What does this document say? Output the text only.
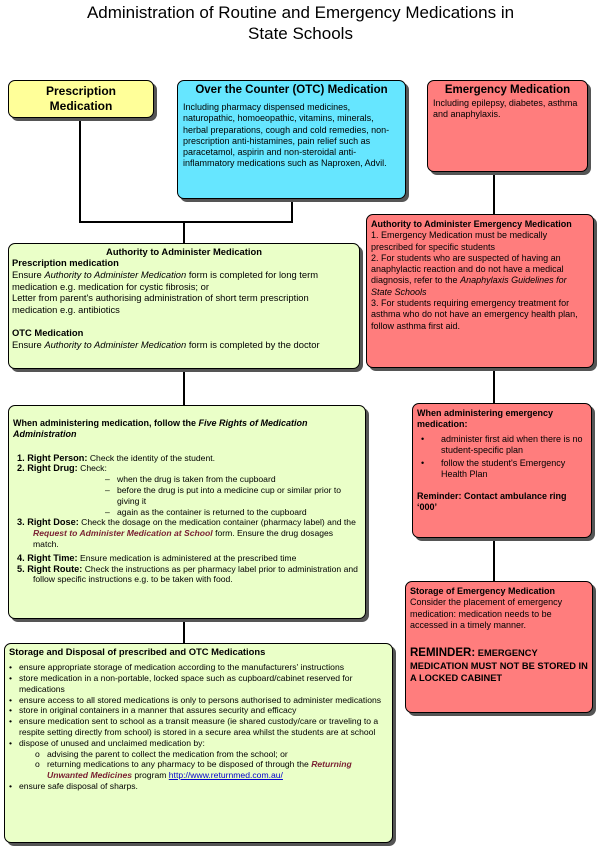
Administration of Routine and Emergency Medications in
State Schools
Prescription Medication
Over the Counter (OTC) Medication
Including pharmacy dispensed medicines, naturopathic, homoeopathic, vitamins, minerals, herbal preparations, cough and cold remedies, non-prescription anti-histamines, pain relief such as paracetamol, aspirin and non-steroidal anti-inflammatory medications such as Naproxen, Advil.
Emergency Medication
Including epilepsy, diabetes, asthma and anaphylaxis.
Authority to Administer Medication
Prescription medication
Ensure Authority to Administer Medication form is completed for long term medication e.g. medication for cystic fibrosis; or
Letter from parent's authorising administration of short term prescription medication e.g. antibiotics
OTC Medication
Ensure Authority to Administer Medication form is completed by the doctor
Authority to Administer Emergency Medication
1. Emergency Medication must be medically prescribed for specific students
2. For students who are suspected of having an anaphylactic reaction and do not have a medical diagnosis, refer to the Anaphylaxis Guidelines for State Schools
3. For students requiring emergency treatment for asthma who do not have an emergency health plan, follow asthma first aid.
When administering medication, follow the Five Rights of Medication Administration
1. Right Person: Check the identity of the student.
2. Right Drug: Check:
– when the drug is taken from the cupboard
– before the drug is put into a medicine cup or similar prior to giving it
– again as the container is returned to the cupboard
3. Right Dose: Check the dosage on the medication container (pharmacy label) and the Request to Administer Medication at School form. Ensure the drug dosages match.
4. Right Time: Ensure medication is administered at the prescribed time
5. Right Route: Check the instructions as per pharmacy label prior to administration and follow specific instructions e.g. to be taken with food.
When administering emergency medication:
•	administer first aid when there is no student-specific plan
•	follow the student's Emergency Health Plan
Reminder: Contact ambulance ring ‘000’
Storage and Disposal of prescribed and OTC Medications
• ensure appropriate storage of medication according to the manufacturers' instructions
• store medication in a non-portable, locked space such as cupboard/cabinet reserved for medications
• ensure access to all stored medications is only to persons authorised to administer medications
• store in original containers in a manner that assures security and efficacy
• ensure medication sent to school as a transit measure (ie shared custody/care or traveling to a respite setting directly from school) is stored in a secure area whilst the students are at school
• dispose of unused and unclaimed medication by:
o advising the parent to collect the medication from the school; or
o returning medications to any pharmacy to be disposed of through the Returning Unwanted Medicines program http://www.returnmed.com.au/
• ensure safe disposal of sharps.
Storage of Emergency Medication
Consider the placement of emergency medication: medication needs to be accessed in a timely manner.
REMINDER: EMERGENCY MEDICATION MUST NOT BE STORED IN A LOCKED CABINET
